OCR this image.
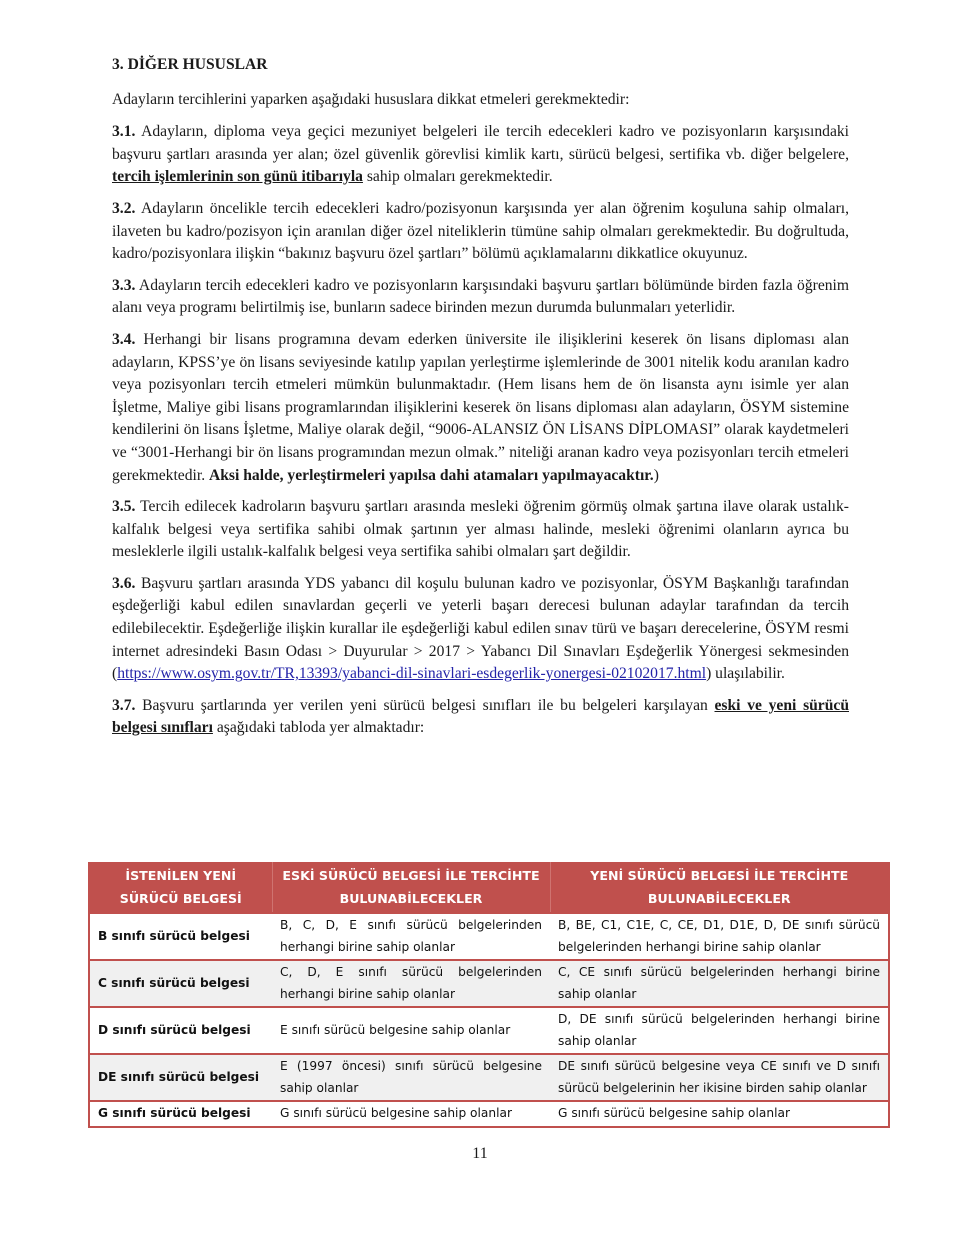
3. DİĞER HUSUSLAR
Adayların tercihlerini yaparken aşağıdaki hususlara dikkat etmeleri gerekmektedir:

3.1. Adayların, diploma veya geçici mezuniyet belgeleri ile tercih edecekleri kadro ve pozisyonların karşısındaki başvuru şartları arasında yer alan; özel güvenlik görevlisi kimlik kartı, sürücü belgesi, sertifika vb. diğer belgelere, tercih işlemlerinin son günü itibarıyla sahip olmaları gerekmektedir.

3.2. Adayların öncelikle tercih edecekleri kadro/pozisyonun karşısında yer alan öğrenim koşuluna sahip olmaları, ilaveten bu kadro/pozisyon için aranılan diğer özel niteliklerin tümüne sahip olmaları gerekmektedir. Bu doğrultuda, kadro/pozisyonlara ilişkin “bakınız başvuru özel şartları” bölümü açıklamalarını dikkatlice okuyunuz.

3.3. Adayların tercih edecekleri kadro ve pozisyonların karşısındaki başvuru şartları bölümünde birden fazla öğrenim alanı veya programı belirtilmiş ise, bunların sadece birinden mezun durumda bulunmaları yeterlidir.

3.4. Herhangi bir lisans programına devam ederken üniversite ile ilişiklerini keserek ön lisans diploması alan adayların, KPSS’ye ön lisans seviyesinde katılıp yapılan yerleştirme işlemlerinde de 3001 nitelik kodu aranılan kadro veya pozisyonları tercih etmeleri mümkün bulunmaktadır. (Hem lisans hem de ön lisansta aynı isimle yer alan İşletme, Maliye gibi lisans programlarından ilişiklerini keserek ön lisans diploması alan adayların, ÖSYM sistemine kendilerini ön lisans İşletme, Maliye olarak değil, “9006-ALANSIZ ÖN LİSANS DİPLOMASI” olarak kaydetmeleri ve “3001-Herhangi bir ön lisans programından mezun olmak.” niteliği aranan kadro veya pozisyonları tercih etmeleri gerekmektedir. Aksi halde, yerleştirmeleri yapılsa dahi atamaları yapılmayacaktır.)

3.5. Tercih edilecek kadroların başvuru şartları arasında mesleki öğrenim görmüş olmak şartına ilave olarak ustalık-kalfalık belgesi veya sertifika sahibi olmak şartının yer alması halinde, mesleki öğrenimi olanların ayrıca bu mesleklerle ilgili ustalık-kalfalık belgesi veya sertifika sahibi olmaları şart değildir.

3.6. Başvuru şartları arasında YDS yabancı dil koşulu bulunan kadro ve pozisyonlar, ÖSYM Başkanlığı tarafından eşdeğerliği kabul edilen sınavlardan geçerli ve yeterli başarı derecesi bulunan adaylar tarafından da tercih edilebilecektir. Eşdeğerliğe ilişkin kurallar ile eşdeğerliği kabul edilen sınav türü ve başarı derecelerine, ÖSYM resmi internet adresindeki Basın Odası > Duyurular > 2017 > Yabancı Dil Sınavları Eşdeğerlik Yönergesi sekmesinden (https://www.osym.gov.tr/TR,13393/yabanci-dil-sinavlari-esdegerlik-yonergesi-02102017.html) ulaşılabilir.

3.7. Başvuru şartlarında yer verilen yeni sürücü belgesi sınıfları ile bu belgeleri karşılayan eski ve yeni sürücü belgesi sınıfları aşağıdaki tabloda yer almaktadır:

İSTENİLEN YENİ SÜRÜCÜ BELGESİ	ESKİ SÜRÜCÜ BELGESİ İLE TERCİHTE BULUNABİLECEKLER	YENİ SÜRÜCÜ BELGESİ İLE TERCİHTE BULUNABİLECEKLER
B sınıfı sürücü belgesi	B, C, D, E sınıfı sürücü belgelerinden herhangi birine sahip olanlar	B, BE, C1, C1E, C, CE, D1, D1E, D, DE sınıfı sürücü belgelerinden herhangi birine sahip olanlar
C sınıfı sürücü belgesi	C, D, E sınıfı sürücü belgelerinden herhangi birine sahip olanlar	C, CE sınıfı sürücü belgelerinden herhangi birine sahip olanlar
D sınıfı sürücü belgesi	E sınıfı sürücü belgesine sahip olanlar	D, DE sınıfı sürücü belgelerinden herhangi birine sahip olanlar
DE sınıfı sürücü belgesi	E (1997 öncesi) sınıfı sürücü belgesine sahip olanlar	DE sınıfı sürücü belgesine veya CE sınıfı ve D sınıfı sürücü belgelerinin her ikisine birden sahip olanlar
G sınıfı sürücü belgesi	G sınıfı sürücü belgesine sahip olanlar	G sınıfı sürücü belgesine sahip olanlar
11
